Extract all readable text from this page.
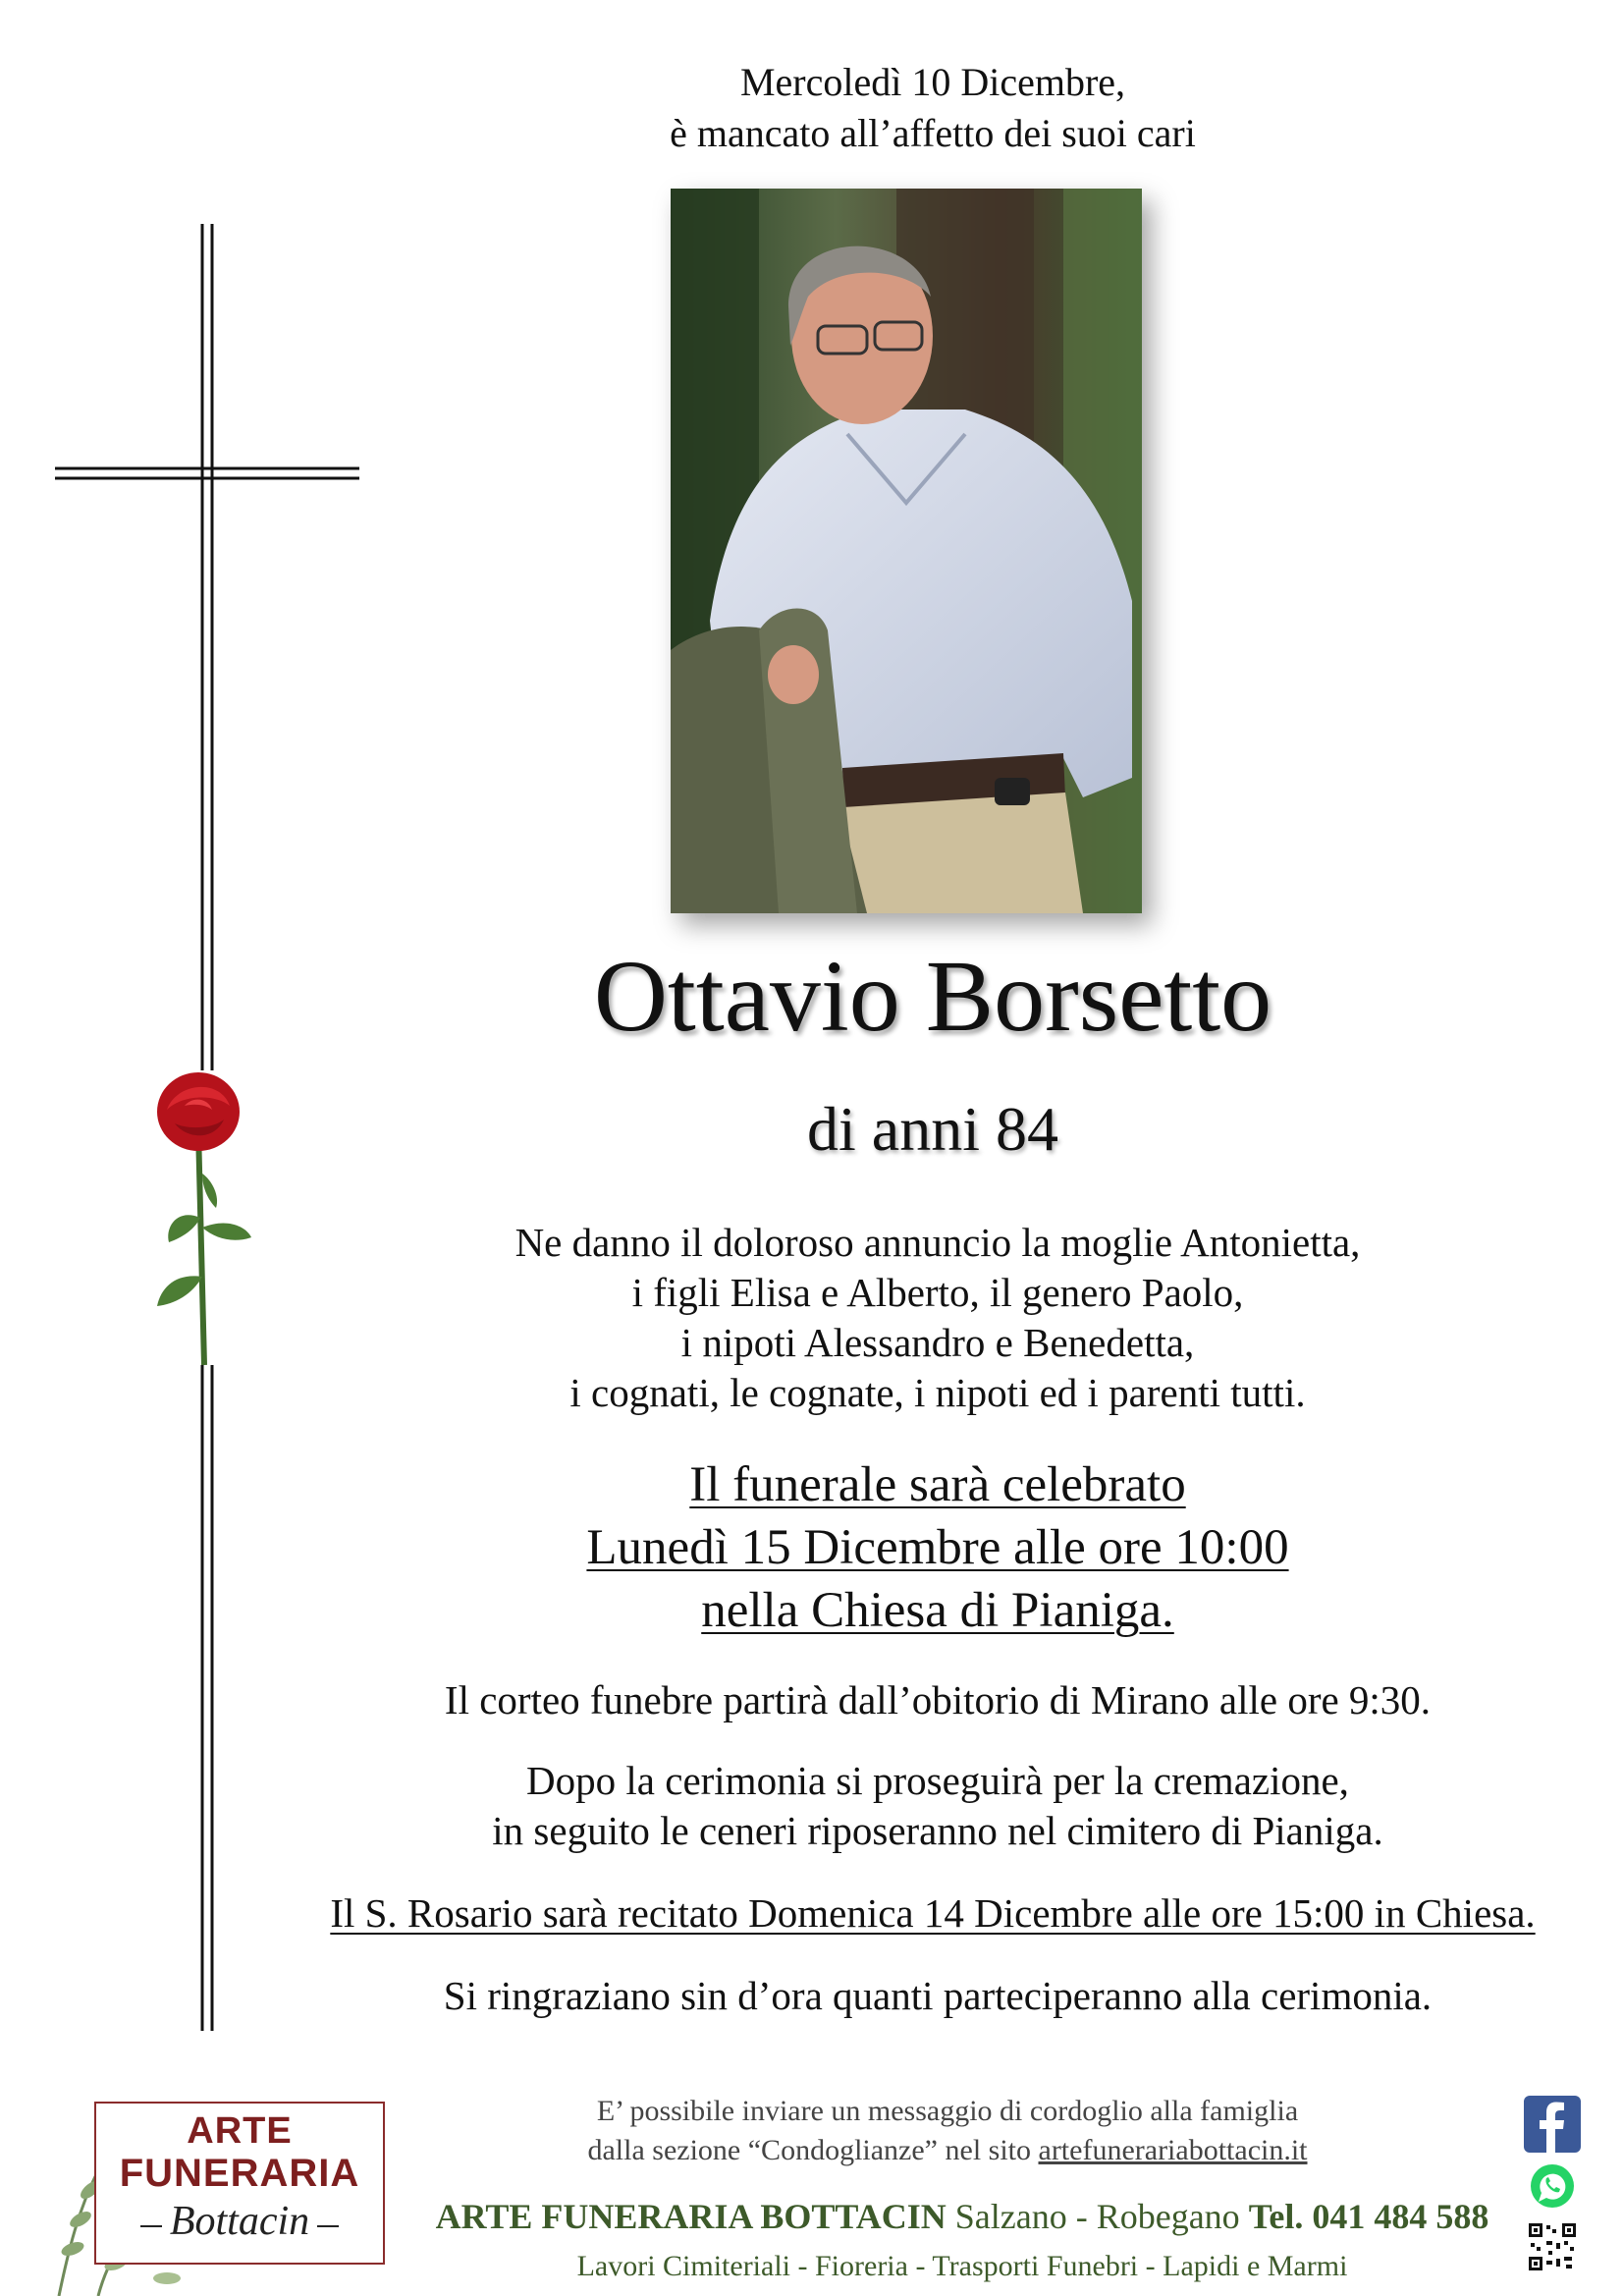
Mercoledì 10 Dicembre,
è mancato all’affetto dei suoi cari
Ottavio Borsetto
di anni 84
Ne danno il doloroso annuncio la moglie Antonietta,
i figli Elisa e Alberto, il genero Paolo,
i nipoti Alessandro e Benedetta,
i cognati, le cognate, i nipoti ed i parenti tutti.
Il funerale sarà celebrato
Lunedì 15 Dicembre alle ore 10:00
nella Chiesa di Pianiga.
Il corteo funebre partirà dall’obitorio di Mirano alle ore 9:30.
Dopo la cerimonia si proseguirà per la cremazione,
in seguito le ceneri riposeranno nel cimitero di Pianiga.
Il S. Rosario sarà recitato Domenica 14 Dicembre alle ore 15:00 in Chiesa.
Si ringraziano sin d’ora quanti parteciperanno alla cerimonia.
ARTE
FUNERARIA
Bottacin
E’ possibile inviare un messaggio di cordoglio alla famiglia
dalla sezione “Condoglianze” nel sito artefunerariabottacin.it
ARTE FUNERARIA BOTTACIN Salzano - Robegano Tel. 041 484 588
Lavori Cimiteriali - Fioreria - Trasporti Funebri - Lapidi e Marmi
